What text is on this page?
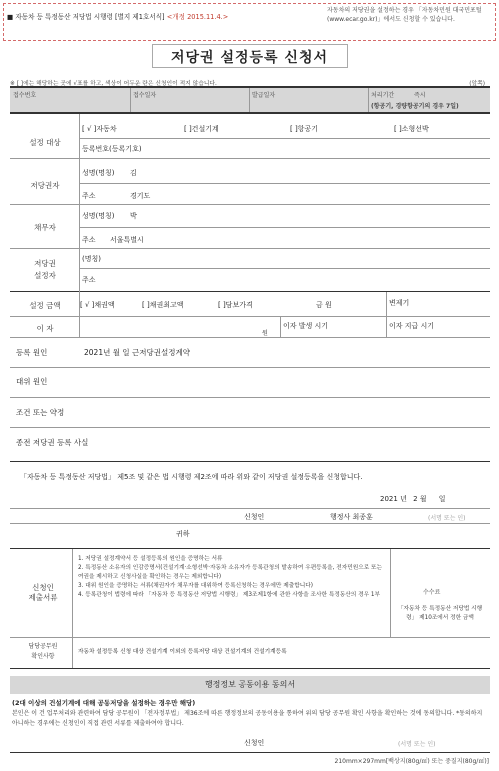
■ 자동차 등 특정동산 저당법 시행령 [별지 제1호서식] <개정 2015.11.4.>
자동차의 저당권을 설정하는 경우 「자동차민원 대국민포털(www.ecar.go.kr)」에서도 신청할 수 있습니다.
저당권 설정등록 신청서
※ [ ]에는 해당하는 곳에 √표를 하고, 색상이 어두운 란은 신청인이 적지 않습니다.	(앞쪽)
접수번호	접수일자	발급일자	처리기간	즉시
(항공기, 경량항공기의 경우 7일)
설정 대상
[ √ ]자동차	[ ]건설기계	[ ]항공기	[ ]소형선박
등록번호(등록기호)
저당권자
성명(명칭) 김
주소	경기도
채무자
성명(명칭) 박
주소 서울특별시
저당권
설정자
(명칭)
주소
설정 금액	[ √ ]채권액	[ ]채권최고액	[ ]담보가격	금 원	변제기
이 자
원
이자 발생 시기	이자 지급 시기
등록 원인	2021년 월 일 근저당권설정계약
대위 원인
조건 또는 약정
종전 저당권 등록 사실
「자동차 등 특정동산 저당법」 제5조 및 같은 법 시행령 제2조에 따라 위와 같이 저당권 설정등록을 신청합니다.
2021 년 2 월 일
신청인	행정사 최종훈	(서명 또는 인)
귀하
신청인
제출서류
1. 저당권 설정계약서 등 설정등록의 원인을 증명하는 서류
2. 특정동산 소유자의 인감증명서(건설기계·소형선박·자동차 소유자가 등록관청의 발송하여 우편등록을, 전자민원으로 또는 여권을 제시하고 신청사실을 확인하는 경우는 제외합니다)
3. 대위 원인을 증명하는 서류(채권자가 채무자를 대위하여 등록신청하는 경우에만 제출합니다)
4. 등록관청이 법령에 따라 「자동차 등 특정동산 저당법 시행령」 제3조제1항에 관한 사항을 조사한 특정동산의 경우 1부	수수료
「자동차 등 특정동산 저당법 시행령」 제10조에서 정한 금액
담당공무원
확인사항
자동차 설정등록 신청 대상 건설기계 이외의 등록저당 대상 건설기계의 건설기계등록
행정정보 공동이용 동의서
(2대 이상의 건설기계에 대해 공동저당을 설정하는 경우만 해당)
본인은 이 건 업무처리와 관련하여 담당 공무원이 「전자정부법」 제36조에 따른 행정정보의 공동이용을 통하여 위의 담당 공무원 확인 사항을 확인하는 것에 동의합니다. *동의하지 아니하는 경우에는 신청인이 직접 관련 서류를 제출하여야 합니다.
신청인	(서명 또는 인)
210mm×297mm[백상지(80g/㎡) 또는 중질지(80g/㎡)]
